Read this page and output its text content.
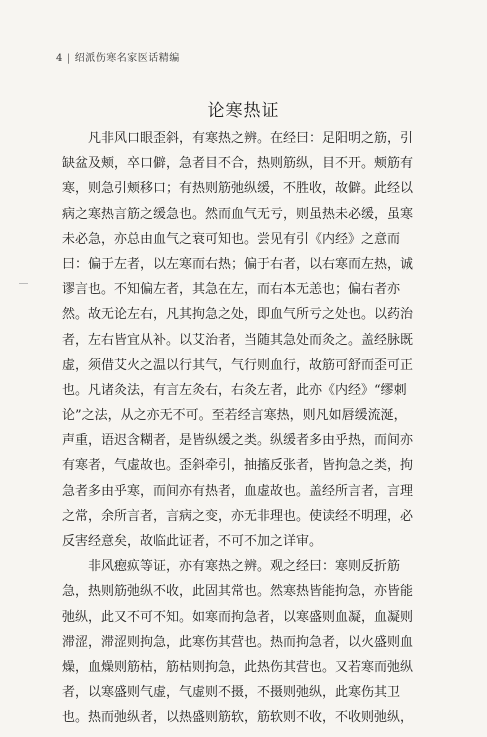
4 | 绍派伤寒名家医话精编
论寒热证
凡非风口眼歪斜，有寒热之辨。在经曰：足阳明之筋，引
缺盆及颊，卒口僻，急者目不合，热则筋纵，目不开。颊筋有
寒，则急引颊移口；有热则筋弛纵缓，不胜收，故僻。此经以
病之寒热言筋之缓急也。然而血气无亏，则虽热未必缓，虽寒
未必急，亦总由血气之衰可知也。尝见有引《内经》之意而
曰：偏于左者，以左寒而右热；偏于右者，以右寒而左热，诚
谬言也。不知偏左者，其急在左，而右本无恙也；偏右者亦
然。故无论左右，凡其拘急之处，即血气所亏之处也。以药治
者，左右皆宜从补。以艾治者，当随其急处而灸之。盖经脉既
虚，须借艾火之温以行其气，气行则血行，故筋可舒而歪可正
也。凡诸灸法，有言左灸右，右灸左者，此亦《内经》“缪刺
论”之法，从之亦无不可。至若经言寒热，则凡如唇缓流涎，
声重，语迟含糊者，是皆纵缓之类。纵缓者多由乎热，而间亦
有寒者，气虚故也。歪斜牵引，抽搐反张者，皆拘急之类，拘
急者多由乎寒，而间亦有热者，血虚故也。盖经所言者，言理
之常，余所言者，言病之变，亦无非理也。使读经不明理，必
反害经意矣，故临此证者，不可不加之详审。
非风瘛疭等证，亦有寒热之辨。观之经曰：寒则反折筋
急，热则筋弛纵不收，此固其常也。然寒热皆能拘急，亦皆能
弛纵，此又不可不知。如寒而拘急者，以寒盛则血凝，血凝则
滞涩，滞涩则拘急，此寒伤其营也。热而拘急者，以火盛则血
燥，血燥则筋枯，筋枯则拘急，此热伤其营也。又若寒而弛纵
者，以寒盛则气虚，气虚则不摄，不摄则弛纵，此寒伤其卫
也。热而弛纵者，以热盛则筋软，筋软则不收，不收则弛纵，
